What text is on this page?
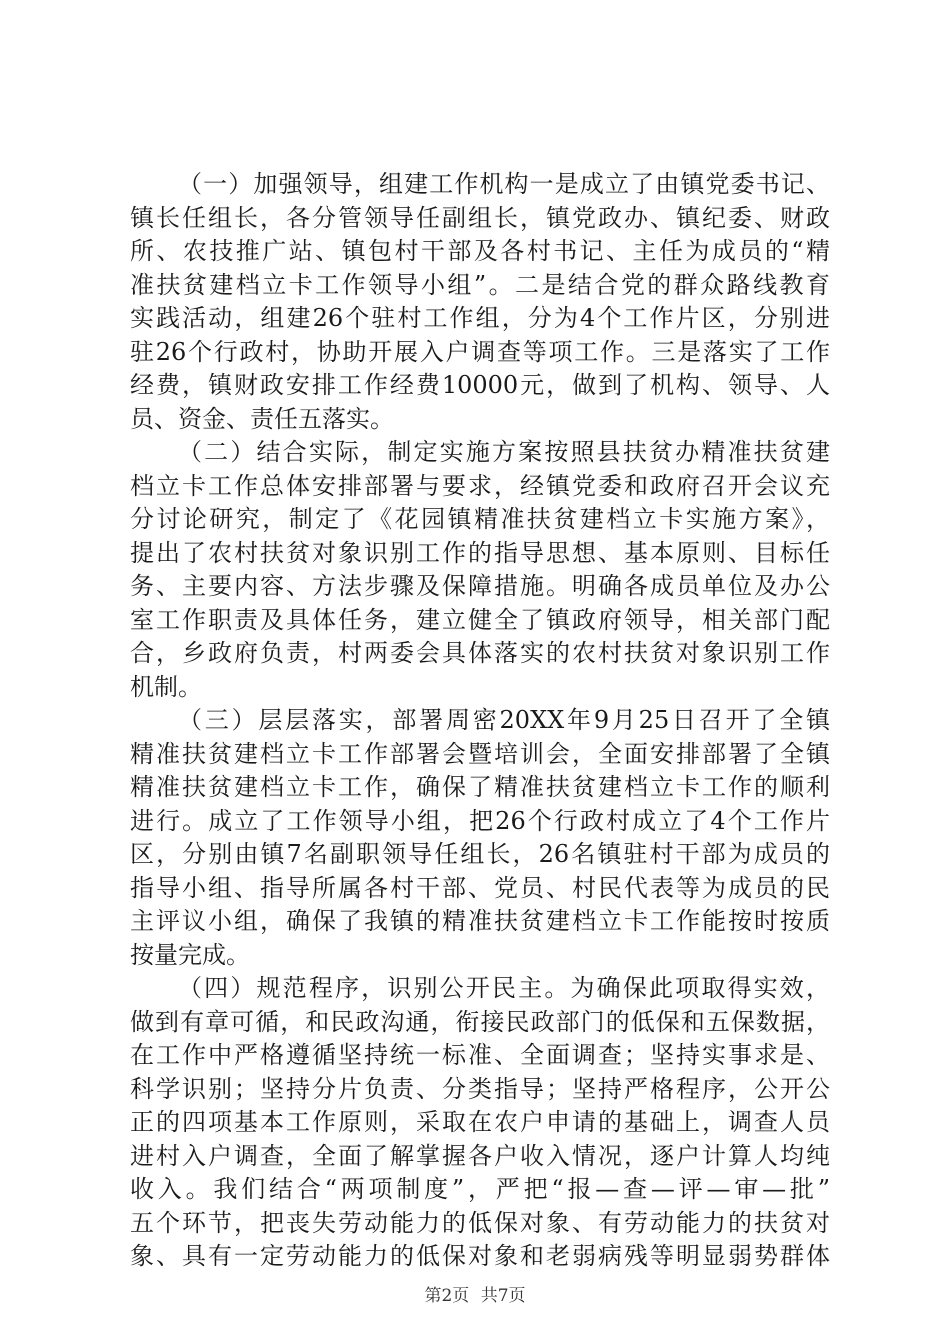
（一）加强领导，组建工作机构一是成立了由镇党委书记、
镇长任组长，各分管领导任副组长，镇党政办、镇纪委、财政
所、农技推广站、镇包村干部及各村书记、主任为成员的“精
准扶贫建档立卡工作领导小组”。二是结合党的群众路线教育
实践活动，组建26个驻村工作组，分为4个工作片区，分别进
驻26个行政村，协助开展入户调查等项工作。三是落实了工作
经费，镇财政安排工作经费10000元，做到了机构、领导、人
员、资金、责任五落实。
（二）结合实际，制定实施方案按照县扶贫办精准扶贫建
档立卡工作总体安排部署与要求，经镇党委和政府召开会议充
分讨论研究，制定了《花园镇精准扶贫建档立卡实施方案》，
提出了农村扶贫对象识别工作的指导思想、基本原则、目标任
务、主要内容、方法步骤及保障措施。明确各成员单位及办公
室工作职责及具体任务，建立健全了镇政府领导，相关部门配
合，乡政府负责，村两委会具体落实的农村扶贫对象识别工作
机制。
（三）层层落实，部署周密20XX年9月25日召开了全镇
精准扶贫建档立卡工作部署会暨培训会，全面安排部署了全镇
精准扶贫建档立卡工作，确保了精准扶贫建档立卡工作的顺利
进行。成立了工作领导小组，把26个行政村成立了4个工作片
区，分别由镇7名副职领导任组长，26名镇驻村干部为成员的
指导小组、指导所属各村干部、党员、村民代表等为成员的民
主评议小组，确保了我镇的精准扶贫建档立卡工作能按时按质
按量完成。
（四）规范程序，识别公开民主。为确保此项取得实效，
做到有章可循，和民政沟通，衔接民政部门的低保和五保数据，
在工作中严格遵循坚持统一标准、全面调查；坚持实事求是、
科学识别；坚持分片负责、分类指导；坚持严格程序，公开公
正的四项基本工作原则，采取在农户申请的基础上，调查人员
进村入户调查，全面了解掌握各户收入情况，逐户计算人均纯
收入。我们结合“两项制度”，严把“报—查—评—审—批”
五个环节，把丧失劳动能力的低保对象、有劳动能力的扶贫对
象、具有一定劳动能力的低保对象和老弱病残等明显弱势群体
第2页 共7页
